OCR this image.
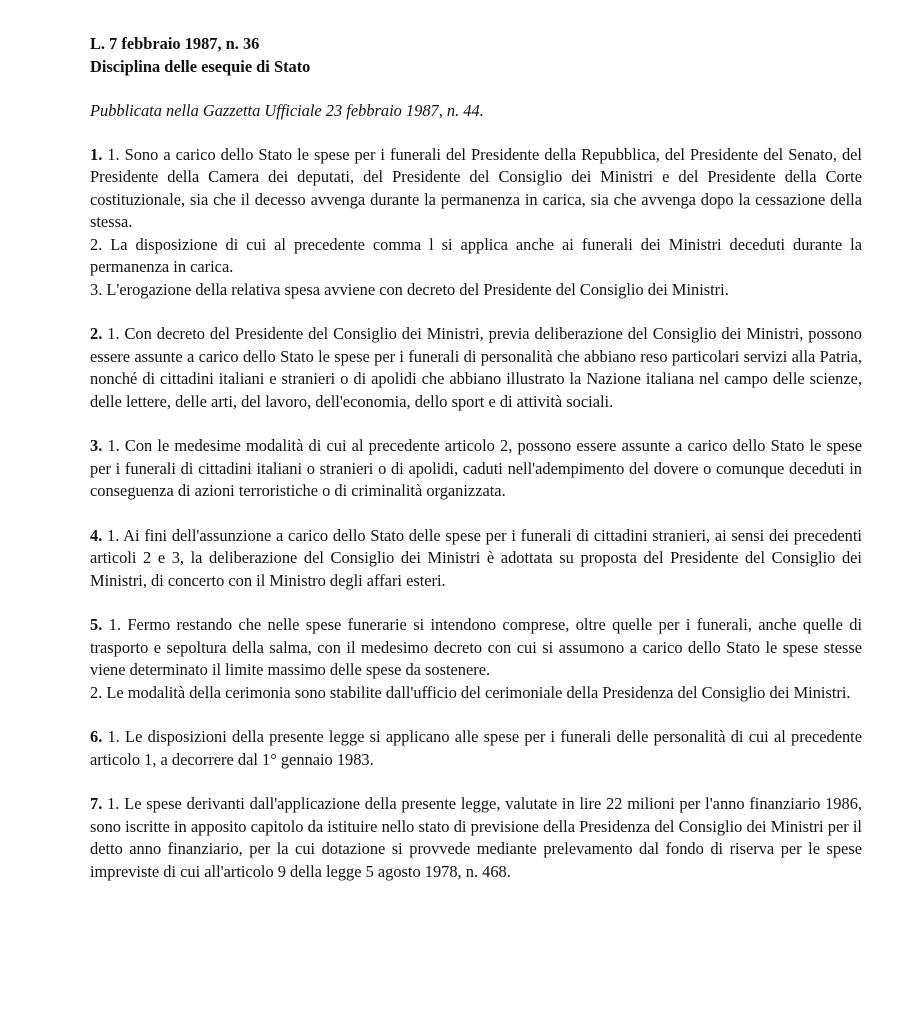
L. 7 febbraio 1987, n. 36

Disciplina delle esequie di Stato

Pubblicata nella Gazzetta Ufficiale 23 febbraio 1987, n. 44.

1. 1. Sono a carico dello Stato le spese per i funerali del Presidente della Repubblica, del Presidente del Senato, del Presidente della Camera dei deputati, del Presidente del Consiglio dei Ministri e del Presidente della Corte costituzionale, sia che il decesso avvenga durante la permanenza in carica, sia che avvenga dopo la cessazione della stessa.

2. La disposizione di cui al precedente comma l si applica anche ai funerali dei Ministri deceduti durante la permanenza in carica.

3. L'erogazione della relativa spesa avviene con decreto del Presidente del Consiglio dei Ministri.

2. 1. Con decreto del Presidente del Consiglio dei Ministri, previa deliberazione del Consiglio dei Ministri, possono essere assunte a carico dello Stato le spese per i funerali di personalità che abbiano reso particolari servizi alla Patria, nonché di cittadini italiani e stranieri o di apolidi che abbiano illustrato la Nazione italiana nel campo delle scienze, delle lettere, delle arti, del lavoro, dell'economia, dello sport e di attività sociali.

3. 1. Con le medesime modalità di cui al precedente articolo 2, possono essere assunte a carico dello Stato le spese per i funerali di cittadini italiani o stranieri o di apolidi, caduti nell'adempimento del dovere o comunque deceduti in conseguenza di azioni terroristiche o di criminalità organizzata.

4. 1. Ai fini dell'assunzione a carico dello Stato delle spese per i funerali di cittadini stranieri, ai sensi dei precedenti articoli 2 e 3, la deliberazione del Consiglio dei Ministri è adottata su proposta del Presidente del Consiglio dei Ministri, di concerto con il Ministro degli affari esteri.

5. 1. Fermo restando che nelle spese funerarie si intendono comprese, oltre quelle per i funerali, anche quelle di trasporto e sepoltura della salma, con il medesimo decreto con cui si assumono a carico dello Stato le spese stesse viene determinato il limite massimo delle spese da sostenere.

2. Le modalità della cerimonia sono stabilite dall'ufficio del cerimoniale della Presidenza del Consiglio dei Ministri.

6. 1. Le disposizioni della presente legge si applicano alle spese per i funerali delle personalità di cui al precedente articolo 1, a decorrere dal 1° gennaio 1983.

7. 1. Le spese derivanti dall'applicazione della presente legge, valutate in lire 22 milioni per l'anno finanziario 1986, sono iscritte in apposito capitolo da istituire nello stato di previsione della Presidenza del Consiglio dei Ministri per il detto anno finanziario, per la cui dotazione si provvede mediante prelevamento dal fondo di riserva per le spese impreviste di cui all'articolo 9 della legge 5 agosto 1978, n. 468.
